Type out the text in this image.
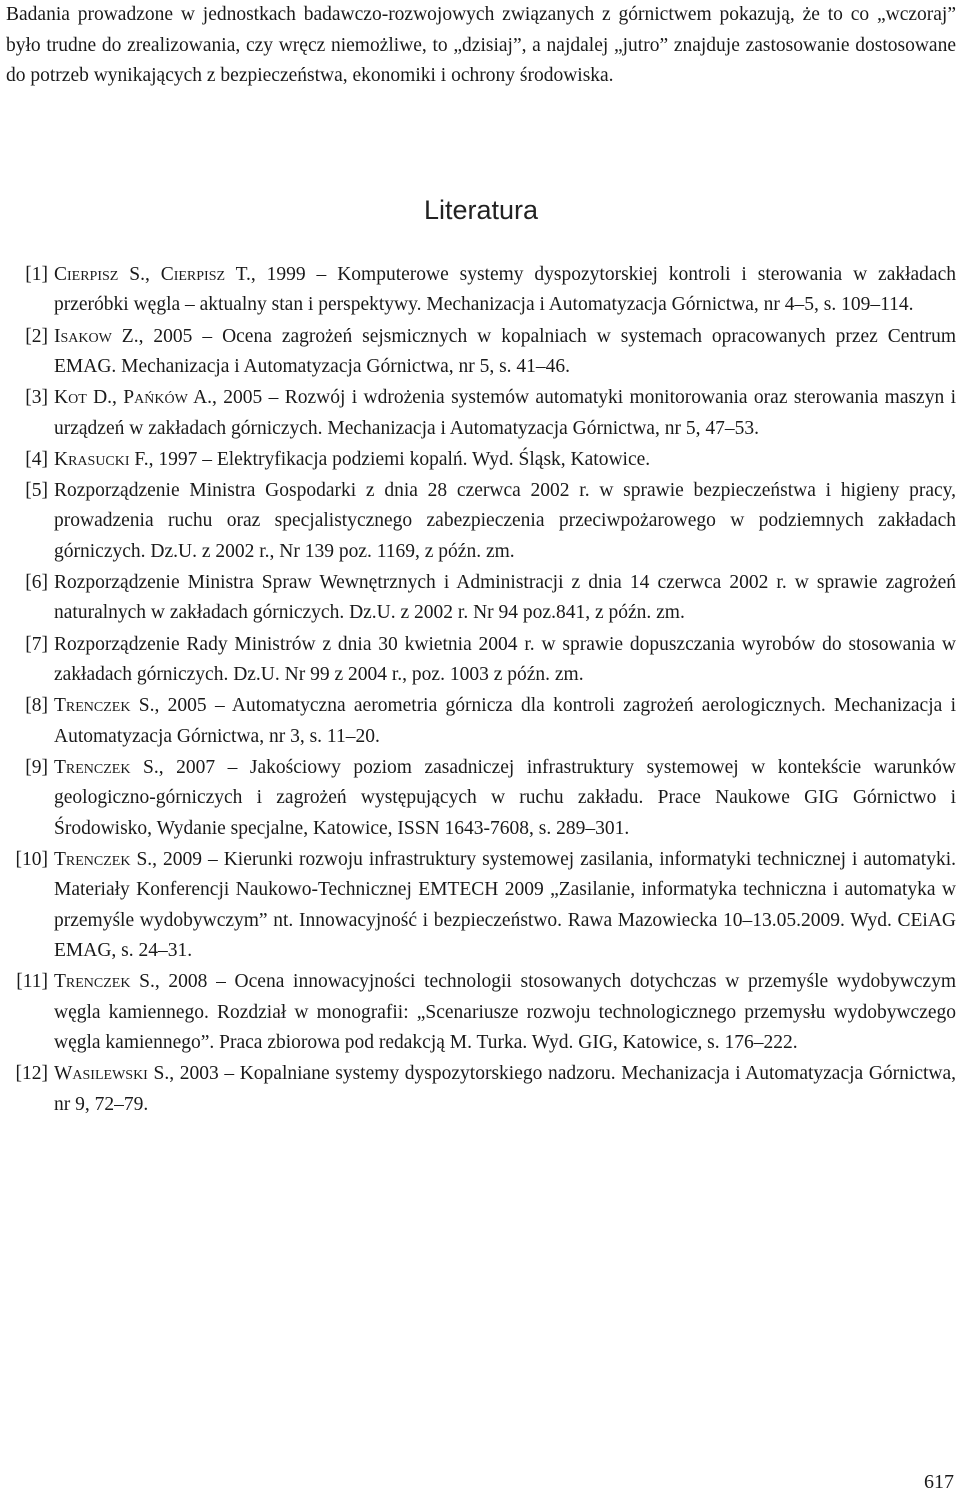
Badania prowadzone w jednostkach badawczo-rozwojowych związanych z górnictwem pokazują, że to co „wczoraj” było trudne do zrealizowania, czy wręcz niemożliwe, to „dzisiaj”, a najdalej „jutro” znajduje zastosowanie dostosowane do potrzeb wynikających z bezpieczeństwa, ekonomiki i ochrony środowiska.

Literatura
[1] Cierpisz S., Cierpisz T., 1999 – Komputerowe systemy dyspozytorskiej kontroli i sterowania w zakładach przeróbki węgla – aktualny stan i perspektywy. Mechanizacja i Automatyzacja Górnictwa, nr 4–5, s. 109–114.
[2] Isakow Z., 2005 – Ocena zagrożeń sejsmicznych w kopalniach w systemach opracowanych przez Centrum EMAG. Mechanizacja i Automatyzacja Górnictwa, nr 5, s. 41–46.
[3] Kot D., Pańków A., 2005 – Rozwój i wdrożenia systemów automatyki monitorowania oraz sterowania maszyn i urządzeń w zakładach górniczych. Mechanizacja i Automatyzacja Górnictwa, nr 5, 47–53.
[4] Krasucki F., 1997 – Elektryfikacja podziemi kopalń. Wyd. Śląsk, Katowice.
[5] Rozporządzenie Ministra Gospodarki z dnia 28 czerwca 2002 r. w sprawie bezpieczeństwa i higieny pracy, prowadzenia ruchu oraz specjalistycznego zabezpieczenia przeciwpożarowego w podziemnych zakładach górniczych. Dz.U. z 2002 r., Nr 139 poz. 1169, z późn. zm.
[6] Rozporządzenie Ministra Spraw Wewnętrznych i Administracji z dnia 14 czerwca 2002 r. w sprawie zagrożeń naturalnych w zakładach górniczych. Dz.U. z 2002 r. Nr 94 poz.841, z późn. zm.
[7] Rozporządzenie Rady Ministrów z dnia 30 kwietnia 2004 r. w sprawie dopuszczania wyrobów do stosowania w zakładach górniczych. Dz.U. Nr 99 z 2004 r., poz. 1003 z późn. zm.
[8] Trenczek S., 2005 – Automatyczna aerometria górnicza dla kontroli zagrożeń aerologicznych. Mechanizacja i Automatyzacja Górnictwa, nr 3, s. 11–20.
[9] Trenczek S., 2007 – Jakościowy poziom zasadniczej infrastruktury systemowej w kontekście warunków geologiczno-górniczych i zagrożeń występujących w ruchu zakładu. Prace Naukowe GIG Górnictwo i Środowisko, Wydanie specjalne, Katowice, ISSN 1643-7608, s. 289–301.
[10] Trenczek S., 2009 – Kierunki rozwoju infrastruktury systemowej zasilania, informatyki technicznej i automatyki. Materiały Konferencji Naukowo-Technicznej EMTECH 2009 „Zasilanie, informatyka techniczna i automatyka w przemyśle wydobywczym” nt. Innowacyjność i bezpieczeństwo. Rawa Mazowiecka 10–13.05.2009. Wyd. CEiAG EMAG, s. 24–31.
[11] Trenczek S., 2008 – Ocena innowacyjności technologii stosowanych dotychczas w przemyśle wydobywczym węgla kamiennego. Rozdział w monografii: „Scenariusze rozwoju technologicznego przemysłu wydobywczego węgla kamiennego”. Praca zbiorowa pod redakcją M. Turka. Wyd. GIG, Katowice, s. 176–222.
[12] Wasilewski S., 2003 – Kopalniane systemy dyspozytorskiego nadzoru. Mechanizacja i Automatyzacja Górnictwa, nr 9, 72–79.

617
